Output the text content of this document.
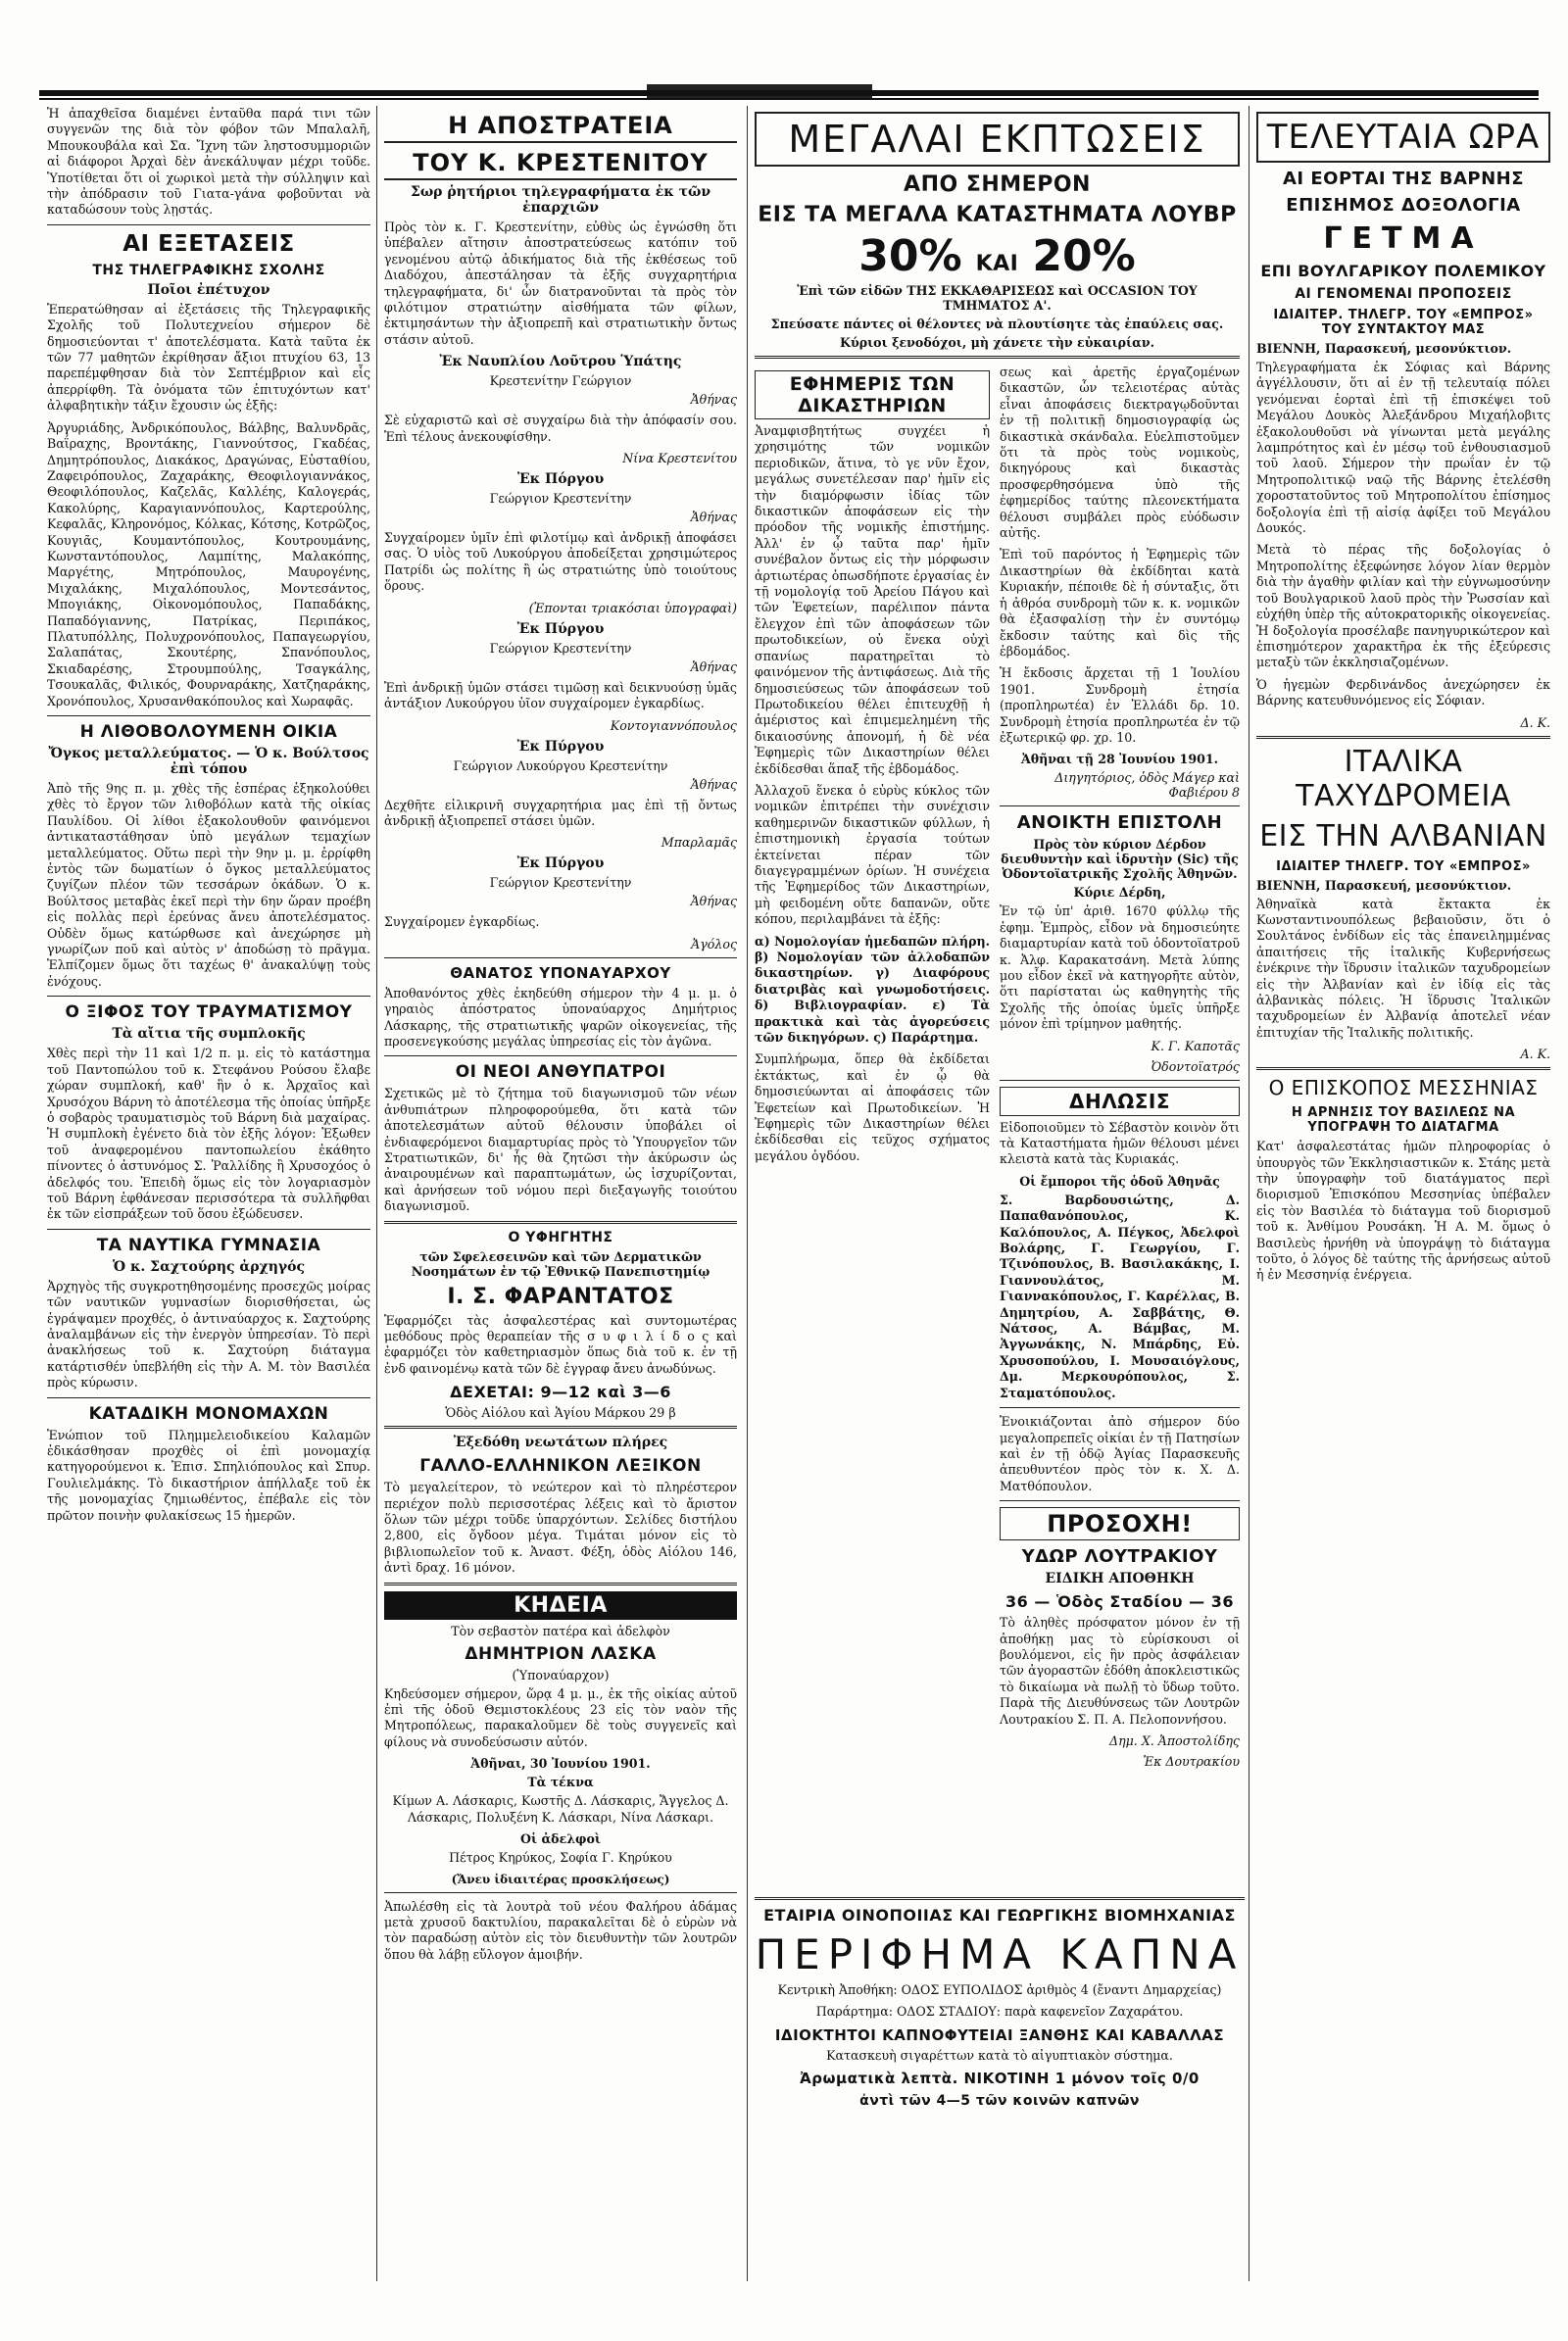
Ἡ ἀπαχθεῖσα διαμένει ἐνταῦθα παρά τινι τῶν συγγενῶν της διὰ τὸν φόβον τῶν Μπαλαλῆ, Μπουκουβάλα καὶ Σα. Ἴχνη τῶν ληστοσυμμοριῶν αἱ διάφοροι Ἀρχαὶ δὲν ἀνεκάλυψαν μέχρι τοῦδε. Ὑποτίθεται ὅτι οἱ χωρικοὶ μετὰ τὴν σύλληψιν καὶ τὴν ἀπόδρασιν τοῦ Γιατα-γάνα φοβοῦνται νὰ καταδώσουν τοὺς λῃστάς.

ΑΙ ΕΞΕΤΑΣΕΙΣ
ΤΗΣ ΤΗΛΕΓΡΑΦΙΚΗΣ ΣΧΟΛΗΣ
Ποῖοι ἐπέτυχον

Ἐπερατώθησαν αἱ ἐξετάσεις τῆς Τηλεγραφικῆς Σχολῆς τοῦ Πολυτεχνείου σήμερον δὲ δημοσιεύονται τ' ἀποτελέσματα. Κατὰ ταῦτα ἐκ τῶν 77 μαθητῶν ἐκρίθησαν ἄξιοι πτυχίου 63, 13 παρεπέμφθησαν διὰ τὸν Σεπτέμβριον καὶ εἷς ἀπερρίφθη. Τὰ ὀνόματα τῶν ἐπιτυχόντων κατ' ἀλφαβητικὴν τάξιν ἔχουσιν ὡς ἑξῆς:

Ἀργυριάδης, Ἀνδρικόπουλος, Βάλβης, Βαλυνδρᾶς, Βαΐραχης, Βροντάκης, Γιαννούτσος, Γκαδέας, Δημητρόπουλος, Διακάκος, Δραγώνας, Εὐσταθίου, Ζαφειρόπουλος, Ζαχαράκης, Θεοφιλογιαννάκος, Θεοφιλόπουλος, Καζελᾶς, Καλλέης, Καλογεράς, Κακολύρης, Καραγιαννόπουλος, Καρτερούλης, Κεφαλᾶς, Κληρονόμος, Κόλκας, Κότσης, Κοτρῶζος, Κουγιᾶς, Κουμαντόπουλος, Κουτρουμάνης, Κωνσταντόπουλος, Λαμπίτης, Μαλακόπης, Μαργέτης, Μητρόπουλος, Μαυρογένης, Μιχαλάκης, Μιχαλόπουλος, Μοντεσάντος, Μπογιάκης, Οἰκονομόπουλος, Παπαδάκης, Παπαδόγιαννης, Πατρίκας, Περιπάκος, Πλατυπόλλης, Πολυχρονόπουλος, Παπαγεωργίου, Σαλαπάτας, Σκουτέρης, Σπανόπουλος, Σκιαδαρέσης, Στρουμπούλης, Τσαγκάλης, Τσουκαλᾶς, Φιλικός, Φουρναράκης, Χατζηαράκης, Χρονόπουλος, Χρυσανθακόπουλος καὶ Χωραφᾶς.

Η ΛΙΘΟΒΟΛΟΥΜΕΝΗ ΟΙΚΙΑ
Ὄγκος μεταλλεύματος. — Ὁ κ. Βούλτσος ἐπὶ τόπου

Ἀπὸ τῆς 9ης π. μ. χθὲς τῆς ἑσπέρας ἐξηκολούθει χθὲς τὸ ἔργον τῶν λιθοβόλων κατὰ τῆς οἰκίας Παυλίδου. Οἱ λίθοι ἐξακολουθοῦν φαινόμενοι ἀντικαταστάθησαν ὑπὸ μεγάλων τεμαχίων μεταλλεύματος. Οὕτω περὶ τὴν 9ην μ. μ. ἐρρίφθη ἐντὸς τῶν δωματίων ὁ ὄγκος μεταλλεύματος ζυγίζων πλέον τῶν τεσσάρων ὀκάδων. Ὁ κ. Βούλτσος μεταβὰς ἐκεῖ περὶ τὴν 6ην ὥραν προέβη εἰς πολλὰς περὶ ἐρεύνας ἄνευ ἀποτελέσματος. Οὐδὲν ὅμως κατώρθωσε καὶ ἀνεχώρησε μὴ γνωρίζων ποῦ καὶ αὐτὸς ν' ἀποδώσῃ τὸ πρᾶγμα. Ἐλπίζομεν ὅμως ὅτι ταχέως θ' ἀνακαλύψῃ τοὺς ἐνόχους.

Ο ΞΙΦΟΣ ΤΟΥ ΤΡΑΥΜΑΤΙΣΜΟΥ
Τὰ αἴτια τῆς συμπλοκῆς

Χθὲς περὶ τὴν 11 καὶ 1/2 π. μ. εἰς τὸ κατάστημα τοῦ Παντοπώλου τοῦ κ. Στεφάνου Ρούσου ἔλαβε χώραν συμπλοκή, καθ' ἣν ὁ κ. Ἀρχαῖος καὶ Χρυσόχου Βάρνη τὸ ἀποτέλεσμα τῆς ὁποίας ὑπῆρξε ὁ σοβαρὸς τραυματισμὸς τοῦ Βάρνη διὰ μαχαίρας. Ἡ συμπλοκὴ ἐγένετο διὰ τὸν ἑξῆς λόγον: Ἐξωθεν τοῦ ἀναφερομένου παντοπωλείου ἐκάθητο πίνοντες ὁ ἀστυνόμος Σ. Ῥαλλίδης ἢ Χρυσοχόος ὁ ἀδελφός του. Ἐπειδὴ ὅμως εἰς τὸν λογαριασμὸν τοῦ Βάρνη ἐφθάνεσαν περισσότερα τὰ συλλῆφθαι ἐκ τῶν εἰσπράξεων τοῦ ὅσου ἐξώδευσεν.

ΤΑ ΝΑΥΤΙΚΑ ΓΥΜΝΑΣΙΑ
Ὁ κ. Σαχτούρης ἀρχηγός

Ἀρχηγὸς τῆς συγκροτηθησομένης προσεχῶς μοίρας τῶν ναυτικῶν γυμνασίων διορισθήσεται, ὡς ἐγράψαμεν προχθές, ὁ ἀντιναύαρχος κ. Σαχτούρης ἀναλαμβάνων εἰς τὴν ἐνεργὸν ὑπηρεσίαν. Τὸ περὶ ἀνακλήσεως τοῦ κ. Σαχτούρη διάταγμα κατάρτισθέν ὑπεβλήθη εἰς τὴν Α. Μ. τὸν Βασιλέα πρὸς κύρωσιν.

ΚΑΤΑΔΙΚΗ ΜΟΝΟΜΑΧΩΝ

Ἐνώπιον τοῦ Πλημμελειοδικείου Καλαμῶν ἐδικάσθησαν προχθὲς οἱ ἐπὶ μονομαχίᾳ κατηγορούμενοι κ. Ἐπισ. Σπηλιόπουλος καὶ Σπυρ. Γουλιελμάκης. Τὸ δικαστήριον ἀπήλλαξε τοῦ ἐκ τῆς μονομαχίας ζημιωθέντος, ἐπέβαλε εἰς τὸν πρῶτον ποινὴν φυλακίσεως 15 ἡμερῶν.

Η ΑΠΟΣΤΡΑΤΕΙΑ
ΤΟΥ Κ. ΚΡΕΣΤΕΝΙΤΟΥ
Σωρ ῥητήριοι τηλεγραφήματα ἐκ τῶν ἐπαρχιῶν

Πρὸς τὸν κ. Γ. Κρεστενίτην, εὐθὺς ὡς ἐγνώσθη ὅτι ὑπέβαλεν αἴτησιν ἀποστρατεύσεως κατόπιν τοῦ γενομένου αὐτῷ ἀδικήματος διὰ τῆς ἐκθέσεως τοῦ Διαδόχου, ἀπεστάλησαν τὰ ἑξῆς συγχαρητήρια τηλεγραφήματα, δι' ὧν διατρανοῦνται τὰ πρὸς τὸν φιλότιμον στρατιώτην αἰσθήματα τῶν φίλων, ἐκτιμησάντων τὴν ἀξιοπρεπῆ καὶ στρατιωτικὴν ὄντως στάσιν αὐτοῦ.

Ἐκ Ναυπλίου Λοῦτρου Ὑπάτης
Κρεστενίτην Γεώργιον
Ἀθήνας

Σὲ εὐχαριστῶ καὶ σὲ συγχαίρω διὰ τὴν ἀπόφασίν σου. Ἐπὶ τέλους ἀνεκουφίσθην.

Νίνα Κρεστενίτου
Ἐκ Πόργου
Γεώργιον Κρεστενίτην
Ἀθήνας

Συγχαίρομεν ὑμῖν ἐπὶ φιλοτίμῳ καὶ ἀνδρικῇ ἀποφάσει σας. Ὁ υἱὸς τοῦ Λυκούργου ἀποδείξεται χρησιμώτερος Πατρίδι ὡς πολίτης ἢ ὡς στρατιώτης ὑπὸ τοιούτους ὅρους.

(Ἐπονται τριακόσιαι ὑπογραφαὶ)
Ἐκ Πύργου
Γεώργιον Κρεστενίτην
Ἀθήνας

Ἐπὶ ἀνδρικῇ ὑμῶν στάσει τιμῶσῃ καὶ δεικνυούσῃ ὑμᾶς ἀντάξιον Λυκούργου ὑῖον συγχαίρομεν ἐγκαρδίως.

Κοντογιαννόπουλος
Ἐκ Πύργου
Γεώργιον Λυκούργου Κρεστενίτην
Ἀθήνας

Δεχθῆτε εἰλικρινῆ συγχαρητήρια μας ἐπὶ τῇ ὄντως ἀνδρικῇ ἀξιοπρεπεῖ στάσει ὑμῶν.

Μπαρλαμᾶς
Ἐκ Πύργου
Γεώργιον Κρεστενίτην
Ἀθήνας

Συγχαίρομεν ἐγκαρδίως.

Ἀγόλος
ΘΑΝΑΤΟΣ ΥΠΟΝΑΥΑΡΧΟΥ

Ἀποθανόντος χθὲς ἐκηδεύθη σήμερον τὴν 4 μ. μ. ὁ γηραιὸς ἀπόστρατος ὑποναύαρχος Δημήτριος Λάσκαρης, τῆς στρατιωτικῆς ψαρῶν οἰκογενείας, τῆς προσενεγκούσης μεγάλας ὑπηρεσίας εἰς τὸν ἀγῶνα.

ΟΙ ΝΕΟΙ ΑΝΘΥΠΑΤΡΟΙ

Σχετικῶς μὲ τὸ ζήτημα τοῦ διαγωνισμοῦ τῶν νέων ἀνθυπιάτρων πληροφορούμεθα, ὅτι κατὰ τῶν ἀποτελεσμάτων αὐτοῦ θέλουσιν ὑποβάλει οἱ ἐνδιαφερόμενοι διαμαρτυρίας πρὸς τὸ Ὑπουργεῖον τῶν Στρατιωτικῶν, δι' ἧς θὰ ζητῶσι τὴν ἀκύρωσιν ὡς ἀναιρουμένων καὶ παραπτωμάτων, ὡς ἰσχυρίζονται, καὶ ἀρνήσεων τοῦ νόμου περὶ διεξαγωγῆς τοιούτου διαγωνισμοῦ.

Ο ΥΦΗΓΗΤΗΣ
τῶν Σφελεσεινῶν καὶ τῶν Δερματικῶν Νοσημάτων ἐν τῷ Ἐθνικῷ Πανεπιστημίῳ
Ι. Σ. ΦΑΡΑΝΤΑΤΟΣ

Ἐφαρμόζει τὰς ἀσφαλεστέρας καὶ συντομωτέρας μεθόδους πρὸς θεραπείαν τῆς σ υ φ ι λ ί δ ο ς καὶ ἐφαρμόζει τὸν καθετηριασμὸν ὅπως διὰ τοῦ κ. ἐν τῇ ἐνδ φαινομένῳ κατὰ τῶν δὲ ἐγγραφ ἄνευ ἀνωδύνως.

ΔΕΧΕΤΑΙ: 9—12 καὶ 3—6
Ὁδὸς Αἰόλου καὶ Ἁγίου Μάρκου 29 β
Ἐξεδόθη νεωτάτων πλήρες
ΓΑΛΛΟ-ΕΛΛΗΝΙΚΟΝ ΛΕΞΙΚΟΝ

Τὸ μεγαλείτερον, τὸ νεώτερον καὶ τὸ πληρέστερον περιέχον πολὺ περισσοτέρας λέξεις καὶ τὸ ἄριστον ὅλων τῶν μέχρι τοῦδε ὑπαρχόντων. Σελίδες διστήλου 2,800, εἰς ὄγδοον μέγα. Τιμάται μόνον εἰς τὸ βιβλιοπωλεῖον τοῦ κ. Ἀναστ. Φέξη, ὁδὸς Αἰόλου 146, ἀντὶ δραχ. 16 μόνον.

ΚΗΔΕΙΑ
Τὸν σεβαστὸν πατέρα καὶ ἀδελφὸν
ΔΗΜΗΤΡΙΟΝ ΛΑΣΚΑ
(Ὑποναύαρχον)

Κηδεύσομεν σήμερον, ὥρᾳ 4 μ. μ., ἐκ τῆς οἰκίας αὐτοῦ ἐπὶ τῆς ὁδοῦ Θεμιστοκλέους 23 εἰς τὸν ναὸν τῆς Μητροπόλεως, παρακαλοῦμεν δὲ τοὺς συγγενεῖς καὶ φίλους νὰ συνοδεύσωσιν αὐτόν.

Ἀθῆναι, 30 Ἰουνίου 1901.
Τὰ τέκνα

Κίμων Α. Λάσκαρις, Κωστῆς Δ. Λάσκαρις, Ἄγγελος Δ. Λάσκαρις, Πολυξένη Κ. Λάσκαρι, Νίνα Λάσκαρι.

Οἱ ἀδελφοὶ

Πέτρος Κηρύκος, Σοφία Γ. Κηρύκου

(Ἄνευ ἰδιαιτέρας προσκλήσεως)

Ἀπωλέσθη εἰς τὰ λουτρὰ τοῦ νέου Φαλήρου ἀδάμας μετὰ χρυσοῦ δακτυλίου, παρακαλεῖται δὲ ὁ εὑρὼν νὰ τὸν παραδώσῃ αὐτὸν εἰς τὸν διευθυντὴν τῶν λουτρῶν ὅπου θὰ λάβῃ εὔλογον ἀμοιβήν.

ΜΕΓΑΛΑΙ ΕΚΠΤΩΣΕΙΣ
ΑΠΟ ΣΗΜΕΡΟΝ
ΕΙΣ ΤΑ ΜΕΓΑΛΑ ΚΑΤΑΣΤΗΜΑΤΑ ΛΟΥΒΡ
30% ΚΑΙ 20%
Ἐπὶ τῶν εἰδῶν ΤΗΣ ΕΚΚΑΘΑΡΙΣΕΩΣ καὶ OCCASION ΤΟΥ ΤΜΗΜΑΤΟΣ Α'.
Σπεύσατε πάντες οἱ θέλοντες νὰ πλουτίσητε τὰς ἐπαύλεις σας.
Κύριοι ξενοδόχοι, μὴ χάνετε τὴν εὐκαιρίαν.
ΕΦΗΜΕΡΙΣ ΤΩΝ ΔΙΚΑΣΤΗΡΙΩΝ

Ἀναμφισβητήτως συγχέει ἡ χρησιμότης τῶν νομικῶν περιοδικῶν, ἅτινα, τὸ γε νῦν ἔχον, μεγάλως συνετέλεσαν παρ' ἡμῖν εἰς τὴν διαμόρφωσιν ἰδίας τῶν δικαστικῶν ἀποφάσεων εἰς τὴν πρόοδον τῆς νομικῆς ἐπιστήμης. Ἀλλ' ἐν ᾧ ταῦτα παρ' ἡμῖν συνέβαλον ὄντως εἰς τὴν μόρφωσιν ἀρτιωτέρας ὁπωσδήποτε ἐργασίας ἐν τῇ νομολογίᾳ τοῦ Ἀρείου Πάγου καὶ τῶν Ἐφετείων, παρέλιπον πάντα ἔλεγχον ἐπὶ τῶν ἀποφάσεων τῶν πρωτοδικείων, οὐ ἕνεκα οὐχὶ σπανίως παρατηρεῖται τὸ φαινόμενον τῆς ἀντιφάσεως. Διὰ τῆς δημοσιεύσεως τῶν ἀποφάσεων τοῦ Πρωτοδικείου θέλει ἐπιτευχθῇ ἡ ἀμέριστος καὶ ἐπιμεμελημένη τῆς δικαιοσύνης ἀπονομή, ἡ δὲ νέα Ἐφημερὶς τῶν Δικαστηρίων θέλει ἐκδίδεσθαι ἅπαξ τῆς ἑβδομάδος.

Ἀλλαχοῦ ἕνεκα ὁ εὐρὺς κύκλος τῶν νομικῶν ἐπιτρέπει τὴν συνέχισιν καθημερινῶν δικαστικῶν φύλλων, ἡ ἐπιστημονικὴ ἐργασία τούτων ἐκτείνεται πέραν τῶν διαγεγραμμένων ὁρίων. Ἡ συνέχεια τῆς Ἐφημερίδος τῶν Δικαστηρίων, μὴ φειδομένη οὔτε δαπανῶν, οὔτε κόπου, περιλαμβάνει τὰ ἑξῆς:

α) Νομολογίαν ἡμεδαπῶν πλήρη. β) Νομολογίαν τῶν ἀλλοδαπῶν δικαστηρίων. γ) Διαφόρους διατριβὰς καὶ γνωμοδοτήσεις. δ) Βιβλιογραφίαν. ε) Τὰ πρακτικὰ καὶ τὰς ἀγορεύσεις τῶν δικηγόρων. ς) Παράρτημα.

Συμπλήρωμα, ὅπερ θὰ ἐκδίδεται ἐκτάκτως, καὶ ἐν ᾧ θὰ δημοσιεύωνται αἱ ἀποφάσεις τῶν Ἐφετείων καὶ Πρωτοδικείων. Ἡ Ἐφημερὶς τῶν Δικαστηρίων θέλει ἐκδίδεσθαι εἰς τεῦχος σχήματος μεγάλου ὀγδόου.

σεως καὶ ἀρετῆς ἐργαζομένων δικαστῶν, ὧν τελειοτέρας αὐτὰς εἶναι ἀποφάσεις διεκτραγῳδοῦνται ἐν τῇ πολιτικῇ δημοσιογραφίᾳ ὡς δικαστικὰ σκάνδαλα. Εὐελπιστοῦμεν ὅτι τὰ πρὸς τοὺς νομικοὺς, δικηγόρους καὶ δικαστὰς προσφερθησόμενα ὑπὸ τῆς ἐφημερίδος ταύτης πλεονεκτήματα θέλουσι συμβάλει πρὸς εὐόδωσιν αὐτῆς.

Ἐπὶ τοῦ παρόντος ἡ Ἐφημερὶς τῶν Δικαστηρίων θὰ ἐκδίδηται κατὰ Κυριακήν, πέποιθε δὲ ἡ σύνταξις, ὅτι ἡ ἀθρόα συνδρομὴ τῶν κ. κ. νομικῶν θὰ ἐξασφαλίσῃ τὴν ἐν συντόμῳ ἔκδοσιν ταύτης καὶ δὶς τῆς ἑβδομάδος.

Ἡ ἔκδοσις ἄρχεται τῇ 1 Ἰουλίου 1901. Συνδρομὴ ἐτησία (προπληρωτέα) ἐν Ἑλλάδι δρ. 10. Συνδρομὴ ἐτησία προπληρωτέα ἐν τῷ ἐξωτερικῷ φρ. χρ. 10.

Ἀθῆναι τῇ 28 Ἰουνίου 1901.
Διηγητόριος, ὁδὸς Μάγερ καὶ Φαβιέρου 8
ΑΝΟΙΚΤΗ ΕΠΙΣΤΟΛΗ
Πρὸς τὸν κύριον Δέρδον διευθυντὴν καὶ ἱδρυτὴν (Sic) τῆς Ὀδοντοϊατρικῆς Σχολῆς Ἀθηνῶν.
Κύριε Δέρδη,

Ἐν τῷ ὑπ' ἀριθ. 1670 φύλλῳ τῆς ἐφημ. Ἐμπρὸς, εἶδον νὰ δημοσιεύητε διαμαρτυρίαν κατὰ τοῦ ὀδοντοϊατροῦ κ. Ἀλφ. Καρακατσάνη. Μετὰ λύπης μου εἶδον ἐκεῖ νὰ κατηγορῆτε αὐτὸν, ὅτι παρίσταται ὡς καθηγητὴς τῆς Σχολῆς τῆς ὁποίας ὑμεῖς ὑπῆρξε μόνον ἐπὶ τρίμηνον μαθητής.

Κ. Γ. Καποτᾶς
Ὀδοντοϊατρός
ΔΗΛΩΣΙΣ

Εἰδοποιοῦμεν τὸ Σέβαστὸν κοινὸν ὅτι τὰ Καταστήματα ἡμῶν θέλουσι μένει κλειστὰ κατὰ τὰς Κυριακάς.

Οἱ ἔμποροι τῆς ὁδοῦ Ἀθηνᾶς

Σ. Βαρδουσιώτης, Δ. Παπαθανόπουλος, Κ. Καλόπουλος, Α. Πέγκος, Ἀδελφοὶ Βολάρης, Γ. Γεωργίου, Γ. Τζινόπουλος, Β. Βασιλακάκης, Ι. Γιαννουλάτος, Μ. Γιαννακόπουλος, Γ. Καρέλλας, Β. Δημητρίου, Α. Σαββάτης, Θ. Νάτσος, Α. Βάμβας, Μ. Ἀγγωνάκης, Ν. Μπάρδης, Εὐ. Χρυσοπούλου, Ι. Μουσαιόγλους, Δμ. Μερκουρόπουλος, Σ. Σταματόπουλος.

Ἐνοικιάζονται ἀπὸ σήμερον δύο μεγαλοπρεπεῖς οἰκίαι ἐν τῇ Πατησίων καὶ ἐν τῇ ὁδῷ Ἁγίας Παρασκευῆς ἀπευθυντέον πρὸς τὸν κ. Χ. Δ. Ματθόπουλον.

ΠΡΟΣΟΧΗ!
ΥΔΩΡ ΛΟΥΤΡΑΚΙΟΥ
ΕΙΔΙΚΗ ΑΠΟΘΗΚΗ
36 — Ὁδὸς Σταδίου — 36

Τὸ ἀληθὲς πρόσφατον μόνον ἐν τῇ ἀποθήκῃ μας τὸ εὑρίσκουσι οἱ βουλόμενοι, εἰς ἣν πρὸς ἀσφάλειαν τῶν ἀγοραστῶν ἐδόθη ἀποκλειστικῶς τὸ δικαίωμα νὰ πωλῇ τὸ ὕδωρ τοῦτο. Παρὰ τῆς Διευθύνσεως τῶν Λουτρῶν Λουτρακίου Σ. Π. Α. Πελοποννήσου.

Δημ. Χ. Ἀποστολίδης
Ἐκ Δουτρακίου
ΤΕΛΕΥΤΑΙΑ ΩΡΑ
ΑΙ ΕΟΡΤΑΙ ΤΗΣ ΒΑΡΝΗΣ
ΕΠΙΣΗΜΟΣ ΔΟΞΟΛΟΓΙΑ
ΓΕΤΜΑ
ΕΠΙ ΒΟΥΛΓΑΡΙΚΟΥ ΠΟΛΕΜΙΚΟΥ
ΑΙ ΓΕΝΟΜΕΝΑΙ ΠΡΟΠΟΣΕΙΣ
ΙΔΙΑΙΤΕΡ. ΤΗΛΕΓΡ. ΤΟΥ «ΕΜΠΡΟΣ» ΤΟΥ ΣΥΝΤΑΚΤΟΥ ΜΑΣ
ΒΙΕΝΝΗ, Παρασκευή, μεσονύκτιον.

Τηλεγραφήματα ἐκ Σόφιας καὶ Βάρνης ἀγγέλλουσιν, ὅτι αἱ ἐν τῇ τελευταίᾳ πόλει γενόμεναι ἑορταὶ ἐπὶ τῇ ἐπισκέψει τοῦ Μεγάλου Δουκὸς Ἀλεξάνδρου Μιχαήλοβιτς ἐξακολουθοῦσι νὰ γίνωνται μετὰ μεγάλης λαμπρότητος καὶ ἐν μέσῳ τοῦ ἐνθουσιασμοῦ τοῦ λαοῦ. Σήμερον τὴν πρωΐαν ἐν τῷ Μητροπολιτικῷ ναῷ τῆς Βάρνης ἐτελέσθη χοροστατοῦντος τοῦ Μητροπολίτου ἐπίσημος δοξολογία ἐπὶ τῇ αἰσίᾳ ἀφίξει τοῦ Μεγάλου Δουκός.

Μετὰ τὸ πέρας τῆς δοξολογίας ὁ Μητροπολίτης ἐξεφώνησε λόγον λίαν θερμὸν διὰ τὴν ἀγαθὴν φιλίαν καὶ τὴν εὐγνωμοσύνην τοῦ Βουλγαρικοῦ λαοῦ πρὸς τὴν Ῥωσσίαν καὶ εὐχήθη ὑπὲρ τῆς αὐτοκρατορικῆς οἰκογενείας. Ἡ δοξολογία προσέλαβε πανηγυρικώτερον καὶ ἐπισημότερον χαρακτῆρα ἐκ τῆς ἐξεύρεσις μεταξὺ τῶν ἐκκλησιαζομένων.

Ὁ ἡγεμὼν Φερδινάνδος ἀνεχώρησεν ἐκ Βάρνης κατευθυνόμενος εἰς Σόφιαν.

Δ. Κ.
ΙΤΑΛΙΚΑ ΤΑΧΥΔΡΟΜΕΙΑ
ΕΙΣ ΤΗΝ ΑΛΒΑΝΙΑΝ
ΙΔΙΑΙΤΕΡ ΤΗΛΕΓΡ. ΤΟΥ «ΕΜΠΡΟΣ»
ΒΙΕΝΝΗ, Παρασκευή, μεσονύκτιον.

Ἀθηναϊκὰ κατὰ ἔκτακτα ἐκ Κωνσταντινουπόλεως βεβαιοῦσιν, ὅτι ὁ Σουλτάνος ἐνδίδων εἰς τὰς ἐπανειλημμένας ἀπαιτήσεις τῆς ἰταλικῆς Κυβερνήσεως ἐνέκρινε τὴν ἵδρυσιν ἰταλικῶν ταχυδρομείων εἰς τὴν Ἀλβανίαν καὶ ἐν ἰδίᾳ εἰς τὰς ἀλβανικὰς πόλεις. Ἡ ἵδρυσις Ἰταλικῶν ταχυδρομείων ἐν Ἀλβανίᾳ ἀποτελεῖ νέαν ἐπιτυχίαν τῆς Ἰταλικῆς πολιτικῆς.

Α. Κ.
Ο ΕΠΙΣΚΟΠΟΣ ΜΕΣΣΗΝΙΑΣ
Η ΑΡΝΗΣΙΣ ΤΟΥ ΒΑΣΙΛΕΩΣ ΝΑ ΥΠΟΓΡΑΨΗ ΤΟ ΔΙΑΤΑΓΜΑ

Κατ' ἀσφαλεστάτας ἡμῶν πληροφορίας ὁ ὑπουργὸς τῶν Ἐκκλησιαστικῶν κ. Στάης μετὰ τὴν ὑπογραφὴν τοῦ διατάγματος περὶ διορισμοῦ Ἐπισκόπου Μεσσηνίας ὑπέβαλεν εἰς τὸν Βασιλέα τὸ διάταγμα τοῦ διορισμοῦ τοῦ κ. Ἀνθίμου Ρουσάκη. Ἡ Α. Μ. ὅμως ὁ Βασιλεὺς ἠρνήθη νὰ ὑπογράψῃ τὸ διάταγμα τοῦτο, ὁ λόγος δὲ ταύτης τῆς ἀρνήσεως αὐτοῦ ἡ ἐν Μεσσηνίᾳ ἐνέργεια.

ΕΤΑΙΡΙΑ ΟΙΝΟΠΟΙΙΑΣ ΚΑΙ ΓΕΩΡΓΙΚΗΣ ΒΙΟΜΗΧΑΝΙΑΣ
ΠΕΡΙΦΗΜΑ ΚΑΠΝΑ

Κεντρικὴ Ἀποθήκη: ΟΔΟΣ ΕΥΠΟΛΙΔΟΣ ἀριθμὸς 4 (ἔναντι Δημαρχείας)

Παράρτημα: ΟΔΟΣ ΣΤΑΔΙΟΥ: παρὰ καφενεῖον Ζαχαράτου.

ΙΔΙΟΚΤΗΤΟΙ ΚΑΠΝΟΦΥΤΕΙΑΙ ΞΑΝΘΗΣ ΚΑΙ ΚΑΒΑΛΛΑΣ

Κατασκευὴ σιγαρέττων κατὰ τὸ αἰγυπτιακὸν σύστημα.

Ἀρωματικὰ λεπτὰ. ΝΙΚΟΤΙΝΗ 1 μόνον τοῖς 0/0
ἀντὶ τῶν 4—5 τῶν κοινῶν καπνῶν
